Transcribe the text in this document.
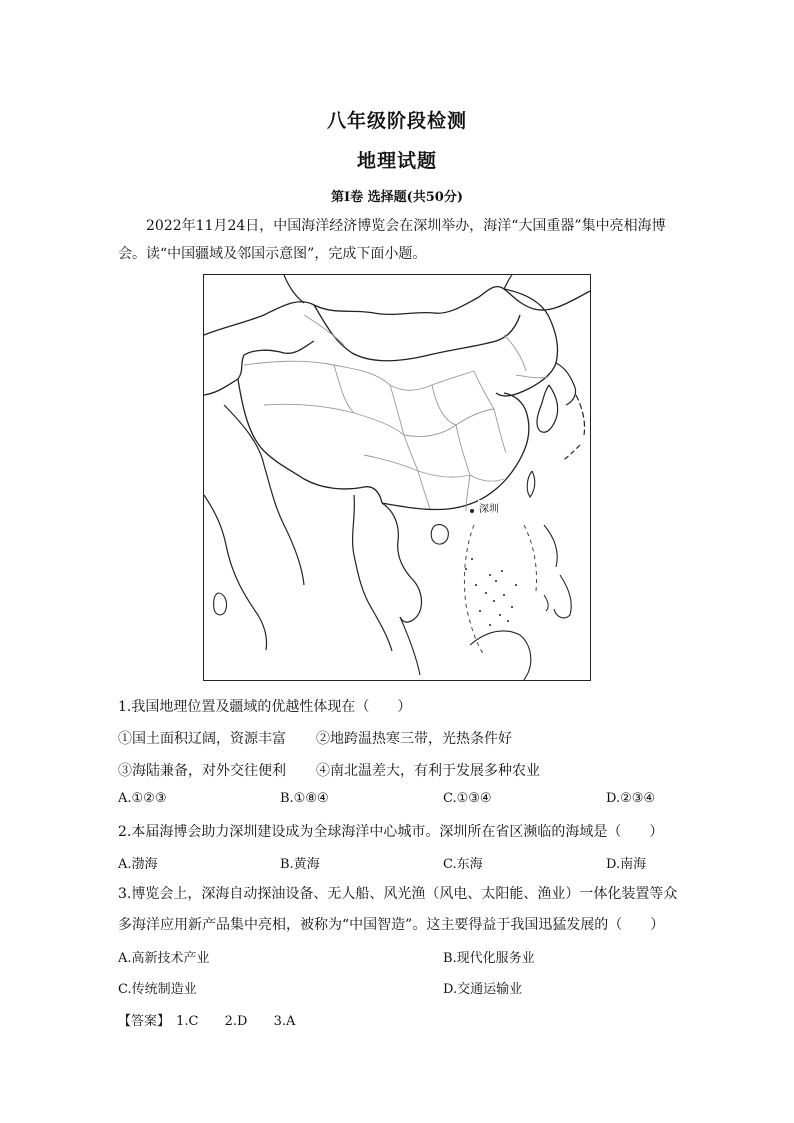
八年级阶段检测
地理试题
第Ⅰ卷 选择题(共50分)
2022年11月24日，中国海洋经济博览会在深圳举办，海洋“大国重器”集中亮相海博会。读“中国疆域及邻国示意图”，完成下面小题。
深圳
1.我国地理位置及疆域的优越性体现在（　　）
①国土面积辽阔，资源丰富 ②地跨温热寒三带，光热条件好
③海陆兼备，对外交往便利 ④南北温差大，有利于发展多种农业
A.①②③	B.①⑧④	C.①③④	D.②③④
2.本届海博会助力深圳建设成为全球海洋中心城市。深圳所在省区濒临的海域是（　　）
A.渤海	B.黄海	C.东海	D.南海
3.博览会上，深海自动探油设备、无人船、风光渔（风电、太阳能、渔业）一体化装置等众
多海洋应用新产品集中亮相，被称为“中国智造”。这主要得益于我国迅猛发展的（　　）
A.高新技术产业	B.现代化服务业
C.传统制造业	D.交通运输业
【答案】 1.C 2.D 3.A
